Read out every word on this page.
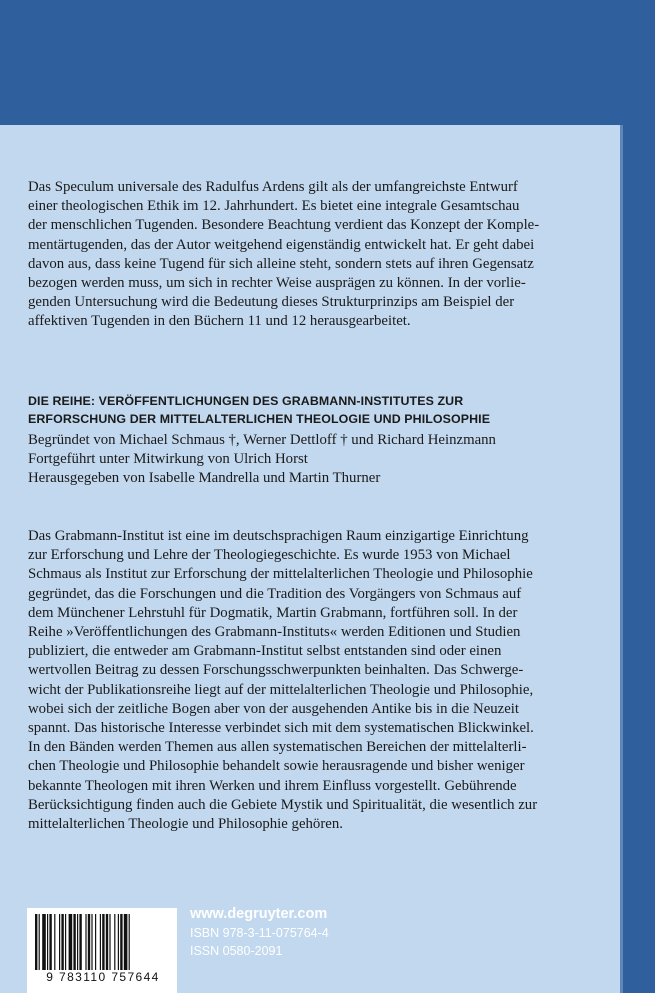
Das Speculum universale des Radulfus Ardens gilt als der umfangreichste Entwurf
einer theologischen Ethik im 12. Jahrhundert. Es bietet eine integrale Gesamtschau
der menschlichen Tugenden. Besondere Beachtung verdient das Konzept der Komple-
mentärtugenden, das der Autor weitgehend eigenständig entwickelt hat. Er geht dabei
davon aus, dass keine Tugend für sich alleine steht, sondern stets auf ihren Gegensatz
bezogen werden muss, um sich in rechter Weise ausprägen zu können. In der vorlie-
genden Untersuchung wird die Bedeutung dieses Strukturprinzips am Beispiel der
affektiven Tugenden in den Büchern 11 und 12 herausgearbeitet.

DIE REIHE: VERÖFFENTLICHUNGEN DES GRABMANN-INSTITUTES ZUR
ERFORSCHUNG DER MITTELALTERLICHEN THEOLOGIE UND PHILOSOPHIE

Begründet von Michael Schmaus †, Werner Dettloff † und Richard Heinzmann
Fortgeführt unter Mitwirkung von Ulrich Horst
Herausgegeben von Isabelle Mandrella und Martin Thurner

Das Grabmann-Institut ist eine im deutschsprachigen Raum einzigartige Einrichtung
zur Erforschung und Lehre der Theologiegeschichte. Es wurde 1953 von Michael
Schmaus als Institut zur Erforschung der mittelalterlichen Theologie und Philosophie
gegründet, das die Forschungen und die Tradition des Vorgängers von Schmaus auf
dem Münchener Lehrstuhl für Dogmatik, Martin Grabmann, fortführen soll. In der
Reihe »Veröffentlichungen des Grabmann-Instituts« werden Editionen und Studien
publiziert, die entweder am Grabmann-Institut selbst entstanden sind oder einen
wertvollen Beitrag zu dessen Forschungsschwerpunkten beinhalten. Das Schwerge-
wicht der Publikationsreihe liegt auf der mittelalterlichen Theologie und Philosophie,
wobei sich der zeitliche Bogen aber von der ausgehenden Antike bis in die Neuzeit
spannt. Das historische Interesse verbindet sich mit dem systematischen Blickwinkel.
In den Bänden werden Themen aus allen systematischen Bereichen der mittelalterli-
chen Theologie und Philosophie behandelt sowie herausragende und bisher weniger
bekannte Theologen mit ihren Werken und ihrem Einfluss vorgestellt. Gebührende
Berücksichtigung finden auch die Gebiete Mystik und Spiritualität, die wesentlich zur
mittelalterlichen Theologie und Philosophie gehören.

9 783110 757644
www.degruyter.com
ISBN 978-3-11-075764-4
ISSN 0580-2091
